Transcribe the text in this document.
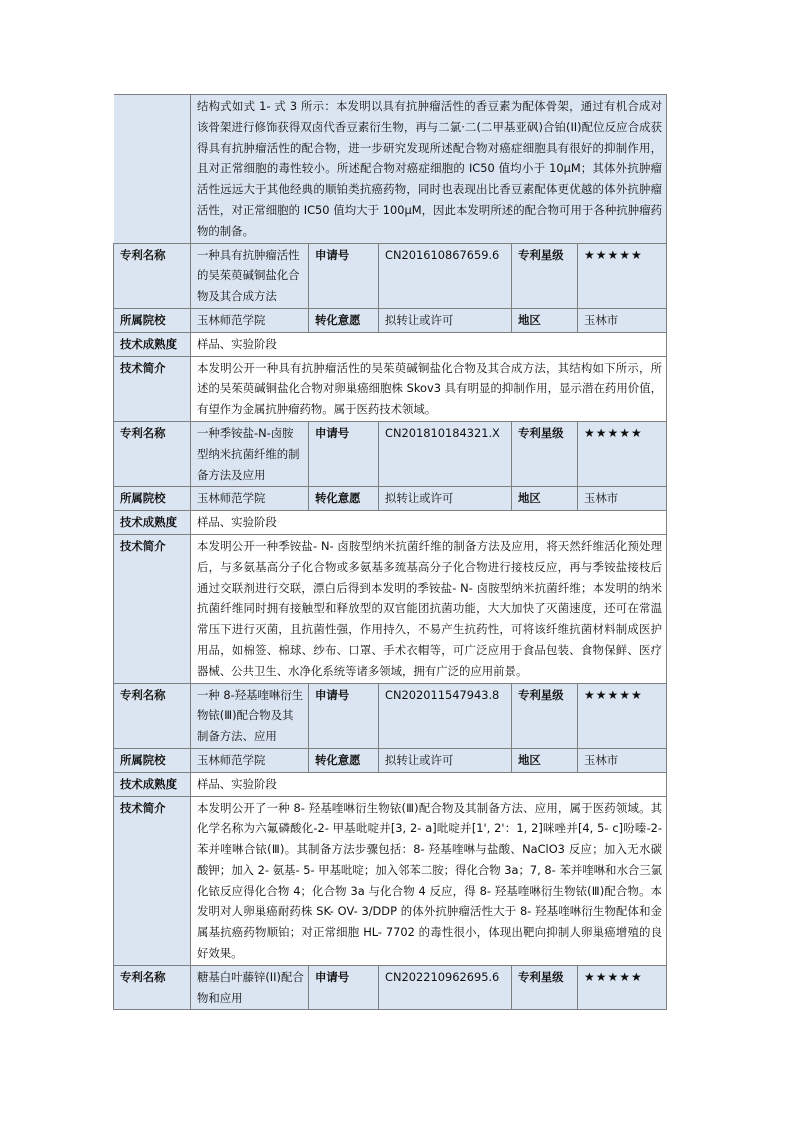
	结构式如式 1- 式 3 所示：本发明以具有抗肿瘤活性的香豆素为配体骨架，通过有机合成对该骨架进行修饰获得双卤代香豆素衍生物，再与二氯·二(二甲基亚砜)合铂(II)配位反应合成获得具有抗肿瘤活性的配合物，进一步研究发现所述配合物对癌症细胞具有很好的抑制作用，且对正常细胞的毒性较小。所述配合物对癌症细胞的 IC50 值均小于 10μM；其体外抗肿瘤活性远远大于其他经典的顺铂类抗癌药物，同时也表现出比香豆素配体更优越的体外抗肿瘤活性，对正常细胞的 IC50 值均大于 100μM，因此本发明所述的配合物可用于各种抗肿瘤药物的制备。				
专利名称	一种具有抗肿瘤活性的吴茱萸碱铜盐化合物及其合成方法	申请号	CN201610867659.6	专利星级	★★★★★
所属院校	玉林师范学院	转化意愿	拟转让或许可	地区	玉林市
技术成熟度	样品、实验阶段				
技术简介	本发明公开一种具有抗肿瘤活性的吴茱萸碱铜盐化合物及其合成方法，其结构如下所示，所述的吴茱萸碱铜盐化合物对卵巢癌细胞株 Skov3 具有明显的抑制作用，显示潜在药用价值，有望作为金属抗肿瘤药物。属于医药技术领域。				
专利名称	一种季铵盐-N-卤胺型纳米抗菌纤维的制备方法及应用	申请号	CN201810184321.X	专利星级	★★★★★
所属院校	玉林师范学院	转化意愿	拟转让或许可	地区	玉林市
技术成熟度	样品、实验阶段				
技术简介	本发明公开一种季铵盐- N- 卤胺型纳米抗菌纤维的制备方法及应用，将天然纤维活化预处理后，与多氨基高分子化合物或多氨基多巯基高分子化合物进行接枝反应，再与季铵盐接枝后通过交联剂进行交联，漂白后得到本发明的季铵盐- N- 卤胺型纳米抗菌纤维；本发明的纳米抗菌纤维同时拥有接触型和释放型的双官能团抗菌功能，大大加快了灭菌速度，还可在常温常压下进行灭菌，且抗菌性强，作用持久，不易产生抗药性，可将该纤维抗菌材料制成医护用品，如棉签、棉球、纱布、口罩、手术衣帽等，可广泛应用于食品包装、食物保鲜、医疗器械、公共卫生、水净化系统等诸多领域，拥有广泛的应用前景。				
专利名称	一种 8-羟基喹啉衍生物铱(Ⅲ)配合物及其制备方法、应用	申请号	CN202011547943.8	专利星级	★★★★★
所属院校	玉林师范学院	转化意愿	拟转让或许可	地区	玉林市
技术成熟度	样品、实验阶段				
技术简介	本发明公开了一种 8- 羟基喹啉衍生物铱(Ⅲ)配合物及其制备方法、应用，属于医药领域。其化学名称为六氟磷酸化-2- 甲基吡啶并[3, 2- a]吡啶并[1', 2'：1, 2]咪唑并[4, 5- c]吩嗪-2- 苯并喹啉合铱(Ⅲ)。其制备方法步骤包括：8- 羟基喹啉与盐酸、NaClO3 反应；加入无水碳酸钾；加入 2- 氨基- 5- 甲基吡啶；加入邻苯二胺；得化合物 3a；7, 8- 苯并喹啉和水合三氯化铱反应得化合物 4；化合物 3a 与化合物 4 反应，得 8- 羟基喹啉衍生物铱(Ⅲ)配合物。本发明对人卵巢癌耐药株 SK- OV- 3/DDP 的体外抗肿瘤活性大于 8- 羟基喹啉衍生物配体和金属基抗癌药物顺铂；对正常细胞 HL- 7702 的毒性很小，体现出靶向抑制人卵巢癌增殖的良好效果。				
专利名称	糖基白叶藤锌(II)配合物和应用	申请号	CN202210962695.6	专利星级	★★★★★
